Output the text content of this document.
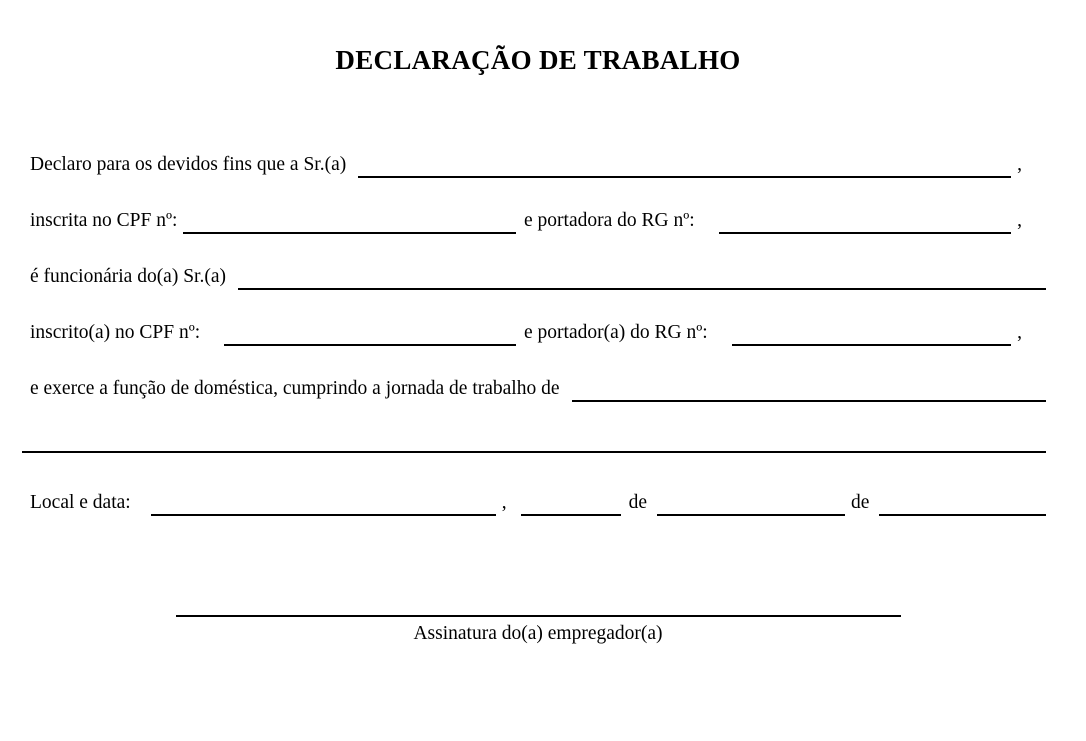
DECLARAÇÃO DE TRABALHO
Declaro para os devidos fins que a Sr.(a)	,
inscrita no CPF nº:	e portadora do RG nº:	,
é funcionária do(a) Sr.(a)
inscrito(a) no CPF nº:	e portador(a) do RG nº:	,
e exerce a função de doméstica, cumprindo a jornada de trabalho de
Local e data:	,	de	de
Assinatura do(a) empregador(a)
